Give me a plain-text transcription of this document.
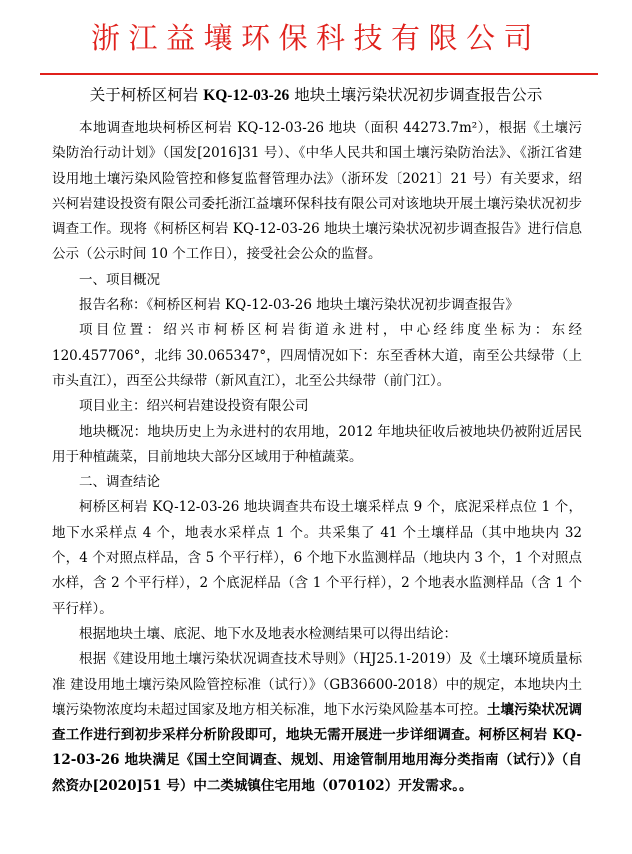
浙江益壤环保科技有限公司
关于柯桥区柯岩 KQ-12-03-26 地块土壤污染状况初步调查报告公示

本地调查地块柯桥区柯岩 KQ-12-03-26 地块（面积 44273.7m²），根据《土壤污染防治行动计划》（国发[2016]31 号）、《中华人民共和国土壤污染防治法》、《浙江省建设用地土壤污染风险管控和修复监督管理办法》（浙环发〔2021〕21 号）有关要求，绍兴柯岩建设投资有限公司委托浙江益壤环保科技有限公司对该地块开展土壤污染状况初步调查工作。现将《柯桥区柯岩 KQ-12-03-26 地块土壤污染状况初步调查报告》进行信息公示（公示时间 10 个工作日），接受社会公众的监督。

一、项目概况

报告名称：《柯桥区柯岩 KQ-12-03-26 地块土壤污染状况初步调查报告》

项目位置：绍兴市柯桥区柯岩街道永进村，中心经纬度坐标为：东经 120.457706°，北纬 30.065347°，四周情况如下：东至香林大道，南至公共绿带（上市头直江），西至公共绿带（新风直江），北至公共绿带（前门江）。

项目业主：绍兴柯岩建设投资有限公司

地块概况：地块历史上为永进村的农用地，2012 年地块征收后被地块仍被附近居民用于种植蔬菜，目前地块大部分区域用于种植蔬菜。

二、调查结论

柯桥区柯岩 KQ-12-03-26 地块调查共布设土壤采样点 9 个，底泥采样点位 1 个，地下水采样点 4 个，地表水采样点 1 个。共采集了 41 个土壤样品（其中地块内 32 个，4 个对照点样品，含 5 个平行样），6 个地下水监测样品（地块内 3 个，1 个对照点水样，含 2 个平行样），2 个底泥样品（含 1 个平行样），2 个地表水监测样品（含 1 个平行样）。

根据地块土壤、底泥、地下水及地表水检测结果可以得出结论：

根据《建设用地土壤污染状况调查技术导则》（HJ25.1-2019）及《土壤环境质量标准 建设用地土壤污染风险管控标准（试行）》（GB36600-2018）中的规定，本地块内土壤污染物浓度均未超过国家及地方相关标准，地下水污染风险基本可控。土壤污染状况调查工作进行到初步采样分析阶段即可，地块无需开展进一步详细调查。柯桥区柯岩 KQ-12-03-26 地块满足《国土空间调查、规划、用途管制用地用海分类指南（试行）》（自然资办[2020]51 号）中二类城镇住宅用地（070102）开发需求。。
